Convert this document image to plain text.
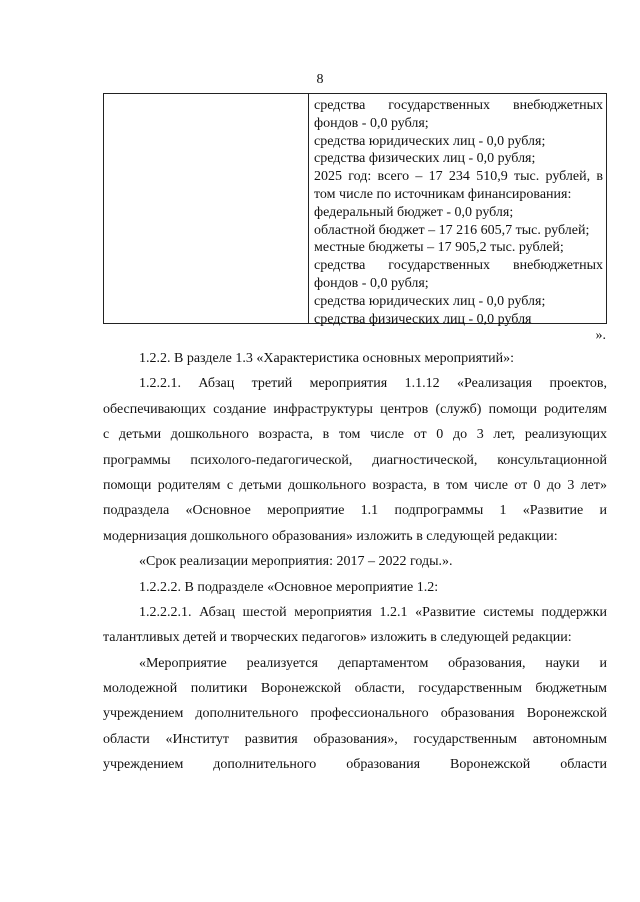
8
средства государственных внебюджетных
фондов - 0,0 рубля;
средства юридических лиц - 0,0 рубля;
средства физических лиц - 0,0 рубля;
2025 год: всего – 17 234 510,9 тыс. рублей, в
том числе по источникам финансирования:
федеральный бюджет - 0,0 рубля;
областной бюджет – 17 216 605,7 тыс. рублей;
местные бюджеты – 17 905,2 тыс. рублей;
средства государственных внебюджетных
фондов - 0,0 рубля;
средства юридических лиц - 0,0 рубля;
средства физических лиц - 0,0 рубля
».
1.2.2. В разделе 1.3 «Характеристика основных мероприятий»:
1.2.2.1. Абзац третий мероприятия 1.1.12 «Реализация проектов,
обеспечивающих создание инфраструктуры центров (служб) помощи родителям
с детьми дошкольного возраста, в том числе от 0 до 3 лет, реализующих
программы психолого-педагогической, диагностической, консультационной
помощи родителям с детьми дошкольного возраста, в том числе от 0 до 3 лет»
подраздела «Основное мероприятие 1.1 подпрограммы 1 «Развитие и
модернизация дошкольного образования» изложить в следующей редакции:
«Срок реализации мероприятия: 2017 – 2022 годы.».
1.2.2.2. В подразделе «Основное мероприятие 1.2:
1.2.2.2.1. Абзац шестой мероприятия 1.2.1 «Развитие системы поддержки
талантливых детей и творческих педагогов» изложить в следующей редакции:
«Мероприятие реализуется департаментом образования, науки и
молодежной политики Воронежской области, государственным бюджетным
учреждением дополнительного профессионального образования Воронежской
области «Институт развития образования», государственным автономным
учреждением дополнительного образования Воронежской области
